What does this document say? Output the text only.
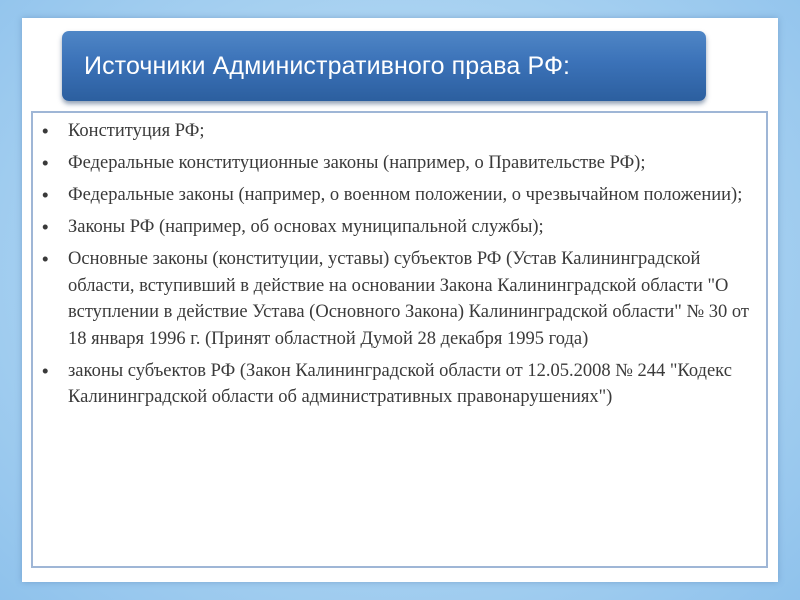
Источники Административного права РФ:
• Конституция РФ;
• Федеральные конституционные законы (например, о Правительстве РФ);
• Федеральные законы (например, о военном положении, о чрезвычайном положении);
• Законы РФ (например, об основах муниципальной службы);
• Основные законы (конституции, уставы) субъектов РФ (Устав Калининградской области, вступивший в действие на основании Закона Калининградской области "О вступлении в действие Устава (Основного Закона) Калининградской области" № 30 от 18 января 1996 г. (Принят областной Думой 28 декабря 1995 года)
• законы субъектов РФ (Закон Калининградской области от 12.05.2008 № 244 "Кодекс Калининградской области об административных правонарушениях")
